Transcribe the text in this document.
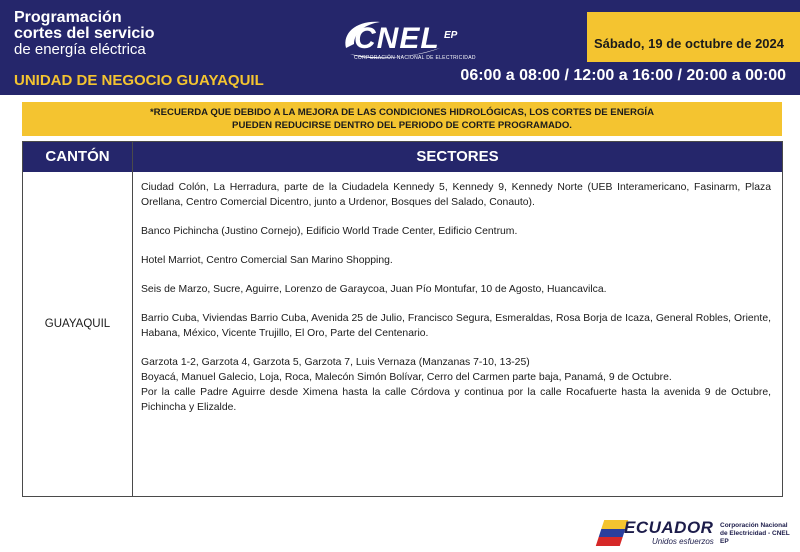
Programación
cortes del servicio
de energía eléctrica
UNIDAD DE NEGOCIO GUAYAQUIL
CNEL EP
CORPORACIÓN NACIONAL DE ELECTRICIDAD
Sábado, 19 de octubre de 2024
06:00 a 08:00 / 12:00 a 16:00 / 20:00 a 00:00
*RECUERDA QUE DEBIDO A LA MEJORA DE LAS CONDICIONES HIDROLÓGICAS, LOS CORTES DE ENERGÍA
PUEDEN REDUCIRSE DENTRO DEL PERIODO DE CORTE PROGRAMADO.
CANTÓN	SECTORES
GUAYAQUIL

Ciudad Colón, La Herradura, parte de la Ciudadela Kennedy 5, Kennedy 9, Kennedy Norte (UEB Interamericano, Fasinarm, Plaza Orellana, Centro Comercial Dicentro, junto a Urdenor, Bosques del Salado, Conauto).

Banco Pichincha (Justino Cornejo), Edificio World Trade Center, Edificio Centrum.

Hotel Marriot, Centro Comercial San Marino Shopping.

Seis de Marzo, Sucre, Aguirre, Lorenzo de Garaycoa, Juan Pío Montufar, 10 de Agosto, Huancavilca.

Barrio Cuba, Viviendas Barrio Cuba, Avenida 25 de Julio, Francisco Segura, Esmeraldas, Rosa Borja de Icaza, General Robles, Oriente, Habana, México, Vicente Trujillo, El Oro, Parte del Centenario.

Garzota 1-2, Garzota 4, Garzota 5, Garzota 7, Luis Vernaza (Manzanas 7-10, 13-25)

Boyacá, Manuel Galecio, Loja, Roca, Malecón Simón Bolívar, Cerro del Carmen parte baja, Panamá, 9 de Octubre.

Por la calle Padre Aguirre desde Ximena hasta la calle Córdova y continua por la calle Rocafuerte hasta la avenida 9 de Octubre, Pichincha y Elizalde.

ECUADOR
Unidos esfuerzos
Corporación Nacional de Electricidad - CNEL EP
